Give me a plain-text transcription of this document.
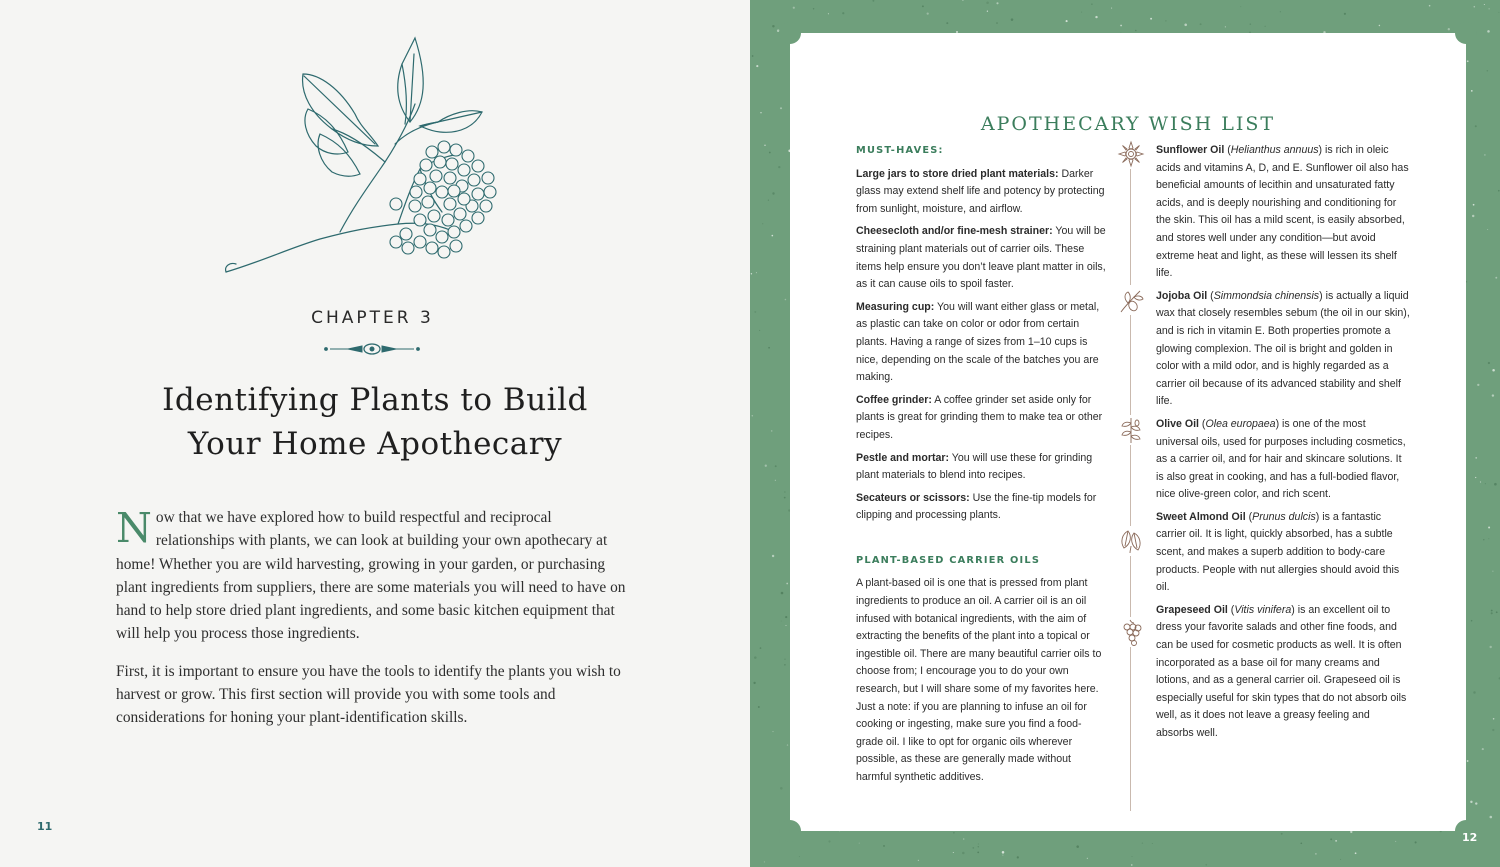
CHAPTER 3
Identifying Plants to Build
Your Home Apothecary

Now that we have explored how to build respectful and reciprocal relationships with plants, we can look at building your own apothecary at home! Whether you are wild harvesting, growing in your garden, or purchasing plant ingredients from suppliers, there are some materials you will need to have on hand to help store dried plant ingredients, and some basic kitchen equipment that will help you process those ingredients.

First, it is important to ensure you have the tools to identify the plants you wish to harvest or grow. This first section will provide you with some tools and considerations for honing your plant-identification skills.

11
APOTHECARY WISH LIST
MUST-HAVES:

Large jars to store dried plant materials: Darker glass may extend shelf life and potency by protecting from sunlight, moisture, and airflow.

Cheesecloth and/or fine-mesh strainer: You will be straining plant materials out of carrier oils. These items help ensure you don’t leave plant matter in oils, as it can cause oils to spoil faster.

Measuring cup: You will want either glass or metal, as plastic can take on color or odor from certain plants. Having a range of sizes from 1–10 cups is nice, depending on the scale of the batches you are making.

Coffee grinder: A coffee grinder set aside only for plants is great for grinding them to make tea or other recipes.

Pestle and mortar: You will use these for grinding plant materials to blend into recipes.

Secateurs or scissors: Use the fine-tip models for clipping and processing plants.

PLANT-BASED CARRIER OILS

A plant-based oil is one that is pressed from plant ingredients to produce an oil. A carrier oil is an oil infused with botanical ingredients, with the aim of extracting the benefits of the plant into a topical or ingestible oil. There are many beautiful carrier oils to choose from; I encourage you to do your own research, but I will share some of my favorites here. Just a note: if you are planning to infuse an oil for cooking or ingesting, make sure you find a food-grade oil. I like to opt for organic oils wherever possible, as these are generally made without harmful synthetic additives.

Sunflower Oil (Helianthus annuus) is rich in oleic acids and vitamins A, D, and E. Sunflower oil also has beneficial amounts of lecithin and unsaturated fatty acids, and is deeply nourishing and conditioning for the skin. This oil has a mild scent, is easily absorbed, and stores well under any condition—but avoid extreme heat and light, as these will lessen its shelf life.

Jojoba Oil (Simmondsia chinensis) is actually a liquid wax that closely resembles sebum (the oil in our skin), and is rich in vitamin E. Both properties promote a glowing complexion. The oil is bright and golden in color with a mild odor, and is highly regarded as a carrier oil because of its advanced stability and shelf life.

Olive Oil (Olea europaea) is one of the most universal oils, used for purposes including cosmetics, as a carrier oil, and for hair and skincare solutions. It is also great in cooking, and has a full-bodied flavor, nice olive-green color, and rich scent.

Sweet Almond Oil (Prunus dulcis) is a fantastic carrier oil. It is light, quickly absorbed, has a subtle scent, and makes a superb addition to body-care products. People with nut allergies should avoid this oil.

Grapeseed Oil (Vitis vinifera) is an excellent oil to dress your favorite salads and other fine foods, and can be used for cosmetic products as well. It is often incorporated as a base oil for many creams and lotions, and as a general carrier oil. Grapeseed oil is especially useful for skin types that do not absorb oils well, as it does not leave a greasy feeling and absorbs well.

12
